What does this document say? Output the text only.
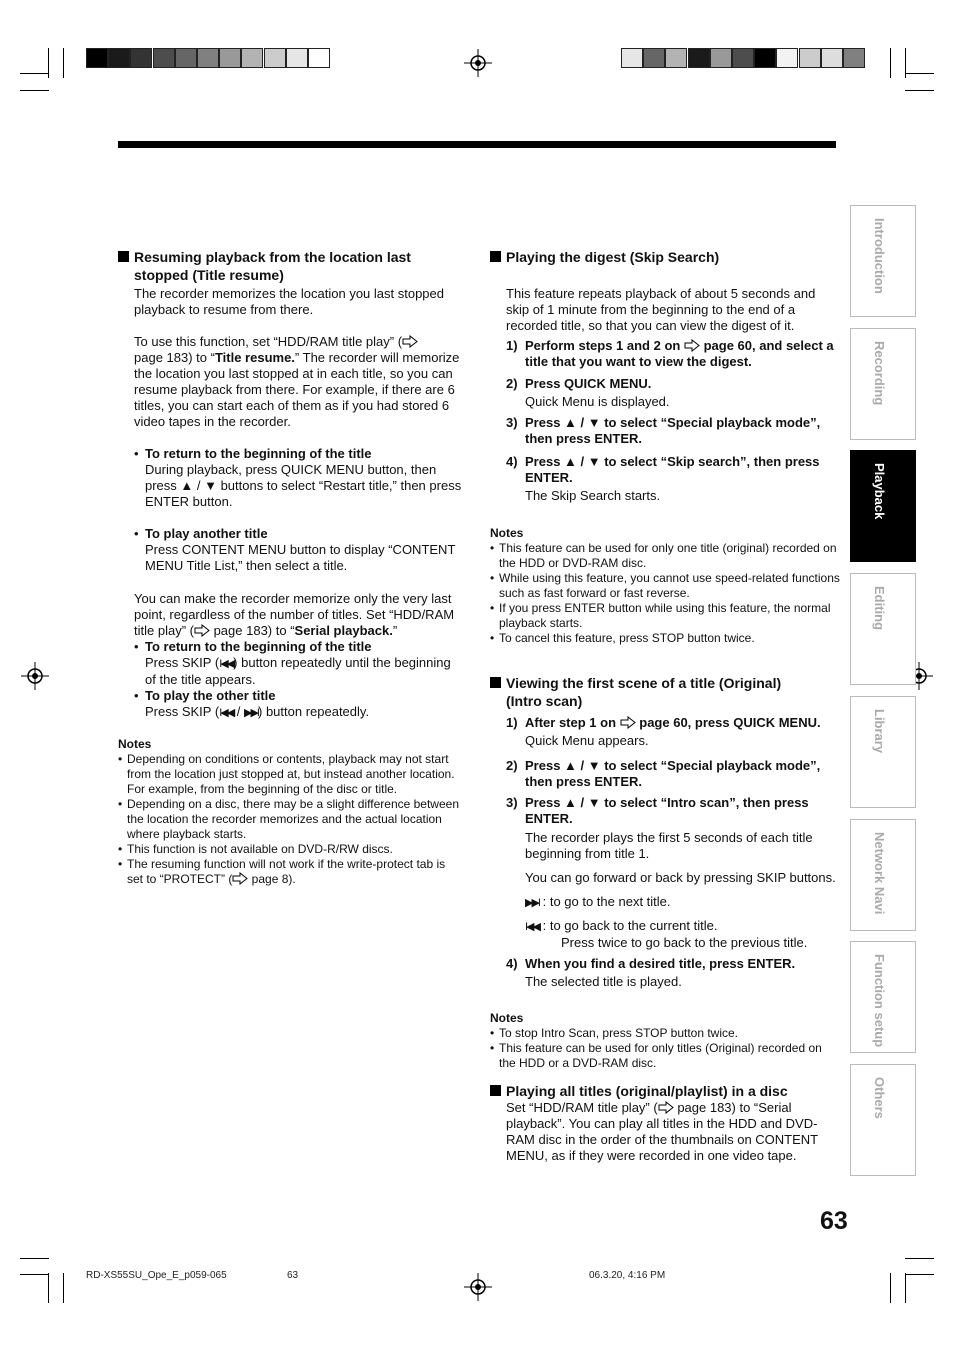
Resuming playback from the location last
stopped (Title resume)

The recorder memorizes the location you last stopped playback to resume from there.

To use this function, set “HDD/RAM title play” (
page 183) to “Title resume.” The recorder will memorize the location you last stopped at in each title, so you can resume playback from there. For example, if there are 6 titles, you can start each of them as if you had stored 6 video tapes in the recorder.

• To return to the beginning of the title

During playback, press QUICK MENU button, then press ▲ / ▼ buttons to select “Restart title,” then press ENTER button.

• To play another title

Press CONTENT MENU button to display “CONTENT MENU Title List,” then select a title.

You can make the recorder memorize only the very last point, regardless of the number of titles. Set “HDD/RAM title play” ( page 183) to “Serial playback.”

• To return to the beginning of the title

Press SKIP (I◀◀) button repeatedly until the beginning of the title appears.

• To play the other title

Press SKIP (I◀◀ / ▶▶I) button repeatedly.

Notes

• Depending on conditions or contents, playback may not start from the location just stopped at, but instead another location. For example, from the beginning of the disc or title.

• Depending on a disc, there may be a slight difference between the location the recorder memorizes and the actual location where playback starts.

• This function is not available on DVD-R/RW discs.

• The resuming function will not work if the write-protect tab is set to “PROTECT” ( page 8).

Playing the digest (Skip Search)

This feature repeats playback of about 5 seconds and skip of 1 minute from the beginning to the end of a recorded title, so that you can view the digest of it.

1) Perform steps 1 and 2 on page 60, and select a title that you want to view the digest.
2) Press QUICK MENU.

Quick Menu is displayed.

3) Press ▲ / ▼ to select “Special playback mode”, then press ENTER.
4) Press ▲ / ▼ to select “Skip search”, then press ENTER.

The Skip Search starts.

Notes

• This feature can be used for only one title (original) recorded on the HDD or DVD-RAM disc.

• While using this feature, you cannot use speed-related functions such as fast forward or fast reverse.

• If you press ENTER button while using this feature, the normal playback starts.

• To cancel this feature, press STOP button twice.

Viewing the first scene of a title (Original)
(Intro scan)

1) After step 1 on page 60, press QUICK MENU.

Quick Menu appears.

2) Press ▲ / ▼ to select “Special playback mode”, then press ENTER.
3) Press ▲ / ▼ to select “Intro scan”, then press ENTER.

The recorder plays the first 5 seconds of each title beginning from title 1.

You can go forward or back by pressing SKIP buttons.

▶▶I : to go to the next title.

I◀◀ : to go back to the current title.

Press twice to go back to the previous title.

4) When you find a desired title, press ENTER.

The selected title is played.

Notes

• To stop Intro Scan, press STOP button twice.

• This feature can be used for only titles (Original) recorded on the HDD or a DVD-RAM disc.

Playing all titles (original/playlist) in a disc

Set “HDD/RAM title play” ( page 183) to “Serial playback”. You can play all titles in the HDD and DVD-RAM disc in the order of the thumbnails on CONTENT MENU, as if they were recorded in one video tape.

Introduction
Recording
Playback
Editing
Library
Network Navi
Function setup
Others
63
RD-XS55SU_Ope_E_p059-065	63	06.3.20, 4:16 PM
